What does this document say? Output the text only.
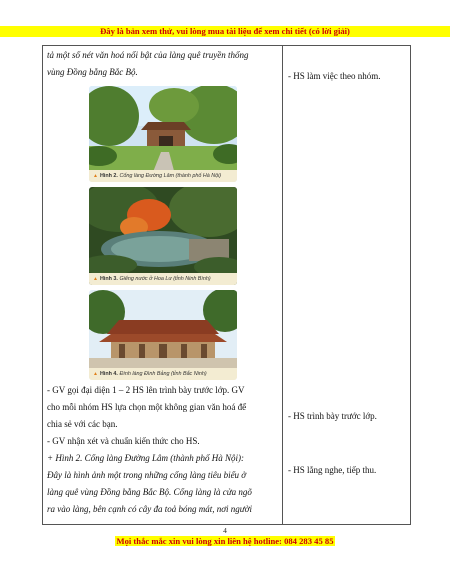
Đây là bản xem thử, vui lòng mua tài liệu để xem chi tiết (có lời giải)
tả một số nét văn hoá nổi bật của làng quê truyền thống
vùng Đồng bằng Bắc Bộ.
▲ Hình 2. Cổng làng Đường Lâm (thành phố Hà Nội)
▲ Hình 3. Giếng nước ở Hoa Lư (tỉnh Ninh Bình)
▲ Hình 4. Đình làng Đình Bảng (tỉnh Bắc Ninh)
- GV gọi đại diện 1 – 2 HS lên trình bày trước lớp. GV
cho mỗi nhóm HS lựa chọn một không gian văn hoá để
chia sẻ với các bạn.
- GV nhận xét và chuẩn kiến thức cho HS.
+ Hình 2. Cổng làng Đường Lâm (thành phố Hà Nội):
Đây là hình ảnh một trong những cổng làng tiêu biểu ở
làng quê vùng Đồng bằng Bắc Bộ. Cổng làng là cửa ngõ
ra vào làng, bên cạnh có cây đa toả bóng mát, nơi người

- HS làm việc theo nhóm.
- HS trình bày trước lớp.
- HS lắng nghe, tiếp thu.
4
Mọi thắc mắc xin vui lòng xin liên hệ hotline: 084 283 45 85
